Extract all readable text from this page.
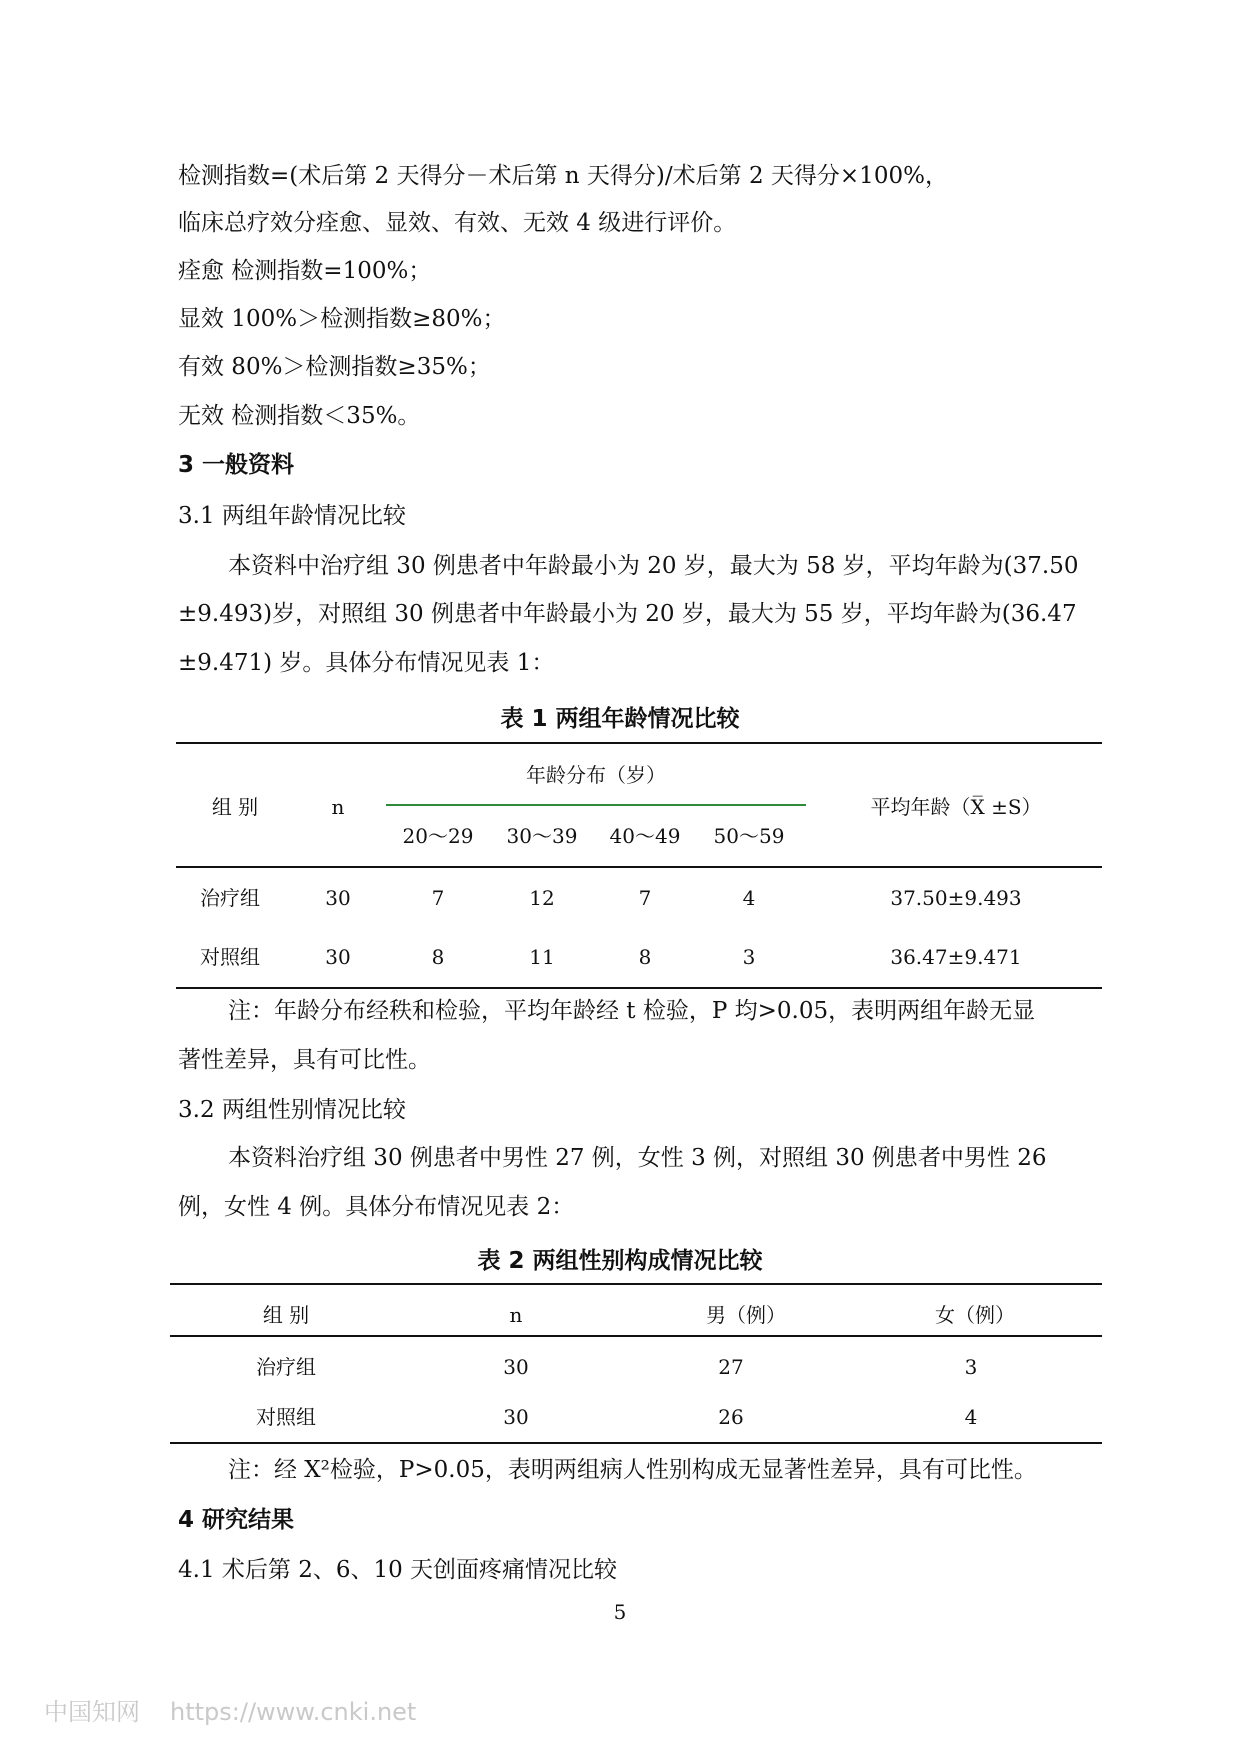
检测指数=(术后第 2 天得分－术后第 n 天得分)/术后第 2 天得分×100%，
临床总疗效分痊愈、显效、有效、无效 4 级进行评价。
痊愈 检测指数=100%；
显效 100%＞检测指数≥80%；
有效 80%＞检测指数≥35%；
无效 检测指数＜35%。
3 一般资料
3.1 两组年龄情况比较
本资料中治疗组 30 例患者中年龄最小为 20 岁，最大为 58 岁，平均年龄为(37.50
±9.493)岁，对照组 30 例患者中年龄最小为 20 岁，最大为 55 岁，平均年龄为(36.47
±9.471) 岁。具体分布情况见表 1：
表 1 两组年龄情况比较
组 别	n
年龄分布（岁）
20～29	30～39	40～49	50～59
平均年龄（X̅ ±S）
治疗组	30	7	12	7	4	37.50±9.493
对照组	30	8	11	8	3	36.47±9.471
注：年龄分布经秩和检验，平均年龄经 t 检验，P 均>0.05，表明两组年龄无显
著性差异，具有可比性。
3.2 两组性别情况比较
本资料治疗组 30 例患者中男性 27 例，女性 3 例，对照组 30 例患者中男性 26
例，女性 4 例。具体分布情况见表 2：
表 2 两组性别构成情况比较
组 别	n	男（例）	女（例）
治疗组	30	27	3
对照组	30	26	4
注：经 X²检验，P>0.05，表明两组病人性别构成无显著性差异，具有可比性。
4 研究结果
4.1 术后第 2、6、10 天创面疼痛情况比较
5
中国知网 https://www.cnki.net
